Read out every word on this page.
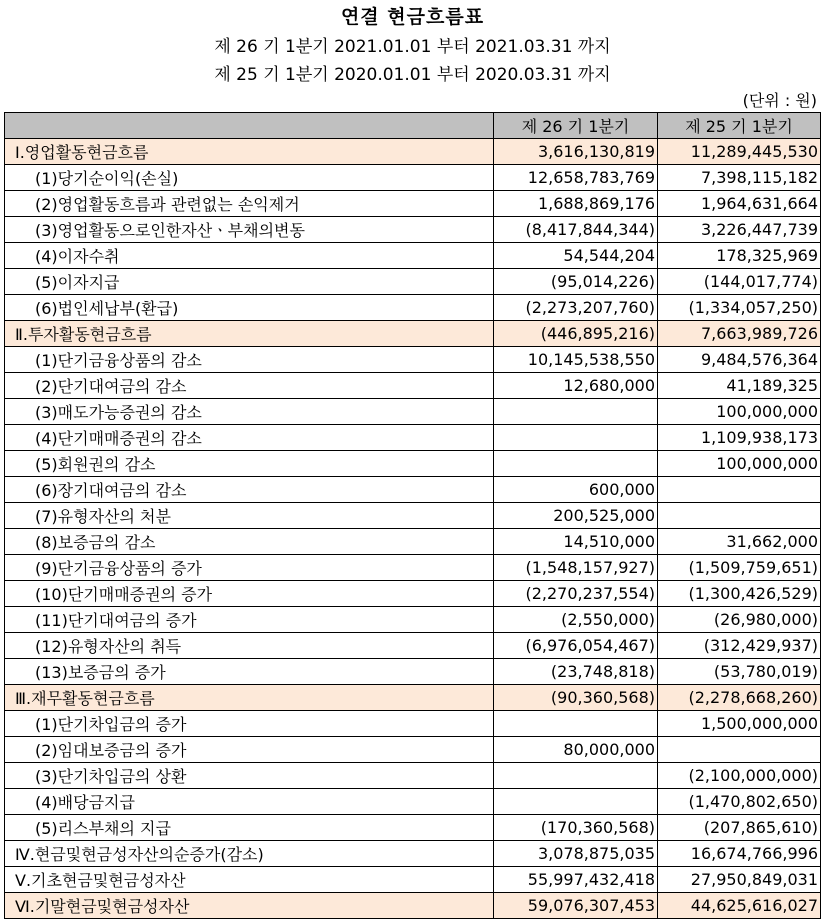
연결 현금흐름표
제 26 기 1분기 2021.01.01 부터 2021.03.31 까지
제 25 기 1분기 2020.01.01 부터 2020.03.31 까지
(단위 : 원)
	제 26 기 1분기	제 25 기 1분기
Ⅰ.영업활동현금흐름	3,616,130,819	11,289,445,530
(1)당기순이익(손실)	12,658,783,769	7,398,115,182
(2)영업활동흐름과 관련없는 손익제거	1,688,869,176	1,964,631,664
(3)영업활동으로인한자산ㆍ부채의변동	(8,417,844,344)	3,226,447,739
(4)이자수취	54,544,204	178,325,969
(5)이자지급	(95,014,226)	(144,017,774)
(6)법인세납부(환급)	(2,273,207,760)	(1,334,057,250)
Ⅱ.투자활동현금흐름	(446,895,216)	7,663,989,726
(1)단기금융상품의 감소	10,145,538,550	9,484,576,364
(2)단기대여금의 감소	12,680,000	41,189,325
(3)매도가능증권의 감소		100,000,000
(4)단기매매증권의 감소		1,109,938,173
(5)회원권의 감소		100,000,000
(6)장기대여금의 감소	600,000	
(7)유형자산의 처분	200,525,000	
(8)보증금의 감소	14,510,000	31,662,000
(9)단기금융상품의 증가	(1,548,157,927)	(1,509,759,651)
(10)단기매매증권의 증가	(2,270,237,554)	(1,300,426,529)
(11)단기대여금의 증가	(2,550,000)	(26,980,000)
(12)유형자산의 취득	(6,976,054,467)	(312,429,937)
(13)보증금의 증가	(23,748,818)	(53,780,019)
Ⅲ.재무활동현금흐름	(90,360,568)	(2,278,668,260)
(1)단기차입금의 증가		1,500,000,000
(2)임대보증금의 증가	80,000,000	
(3)단기차입금의 상환		(2,100,000,000)
(4)배당금지급		(1,470,802,650)
(5)리스부채의 지급	(170,360,568)	(207,865,610)
Ⅳ.현금및현금성자산의순증가(감소)	3,078,875,035	16,674,766,996
Ⅴ.기초현금및현금성자산	55,997,432,418	27,950,849,031
Ⅵ.기말현금및현금성자산	59,076,307,453	44,625,616,027
